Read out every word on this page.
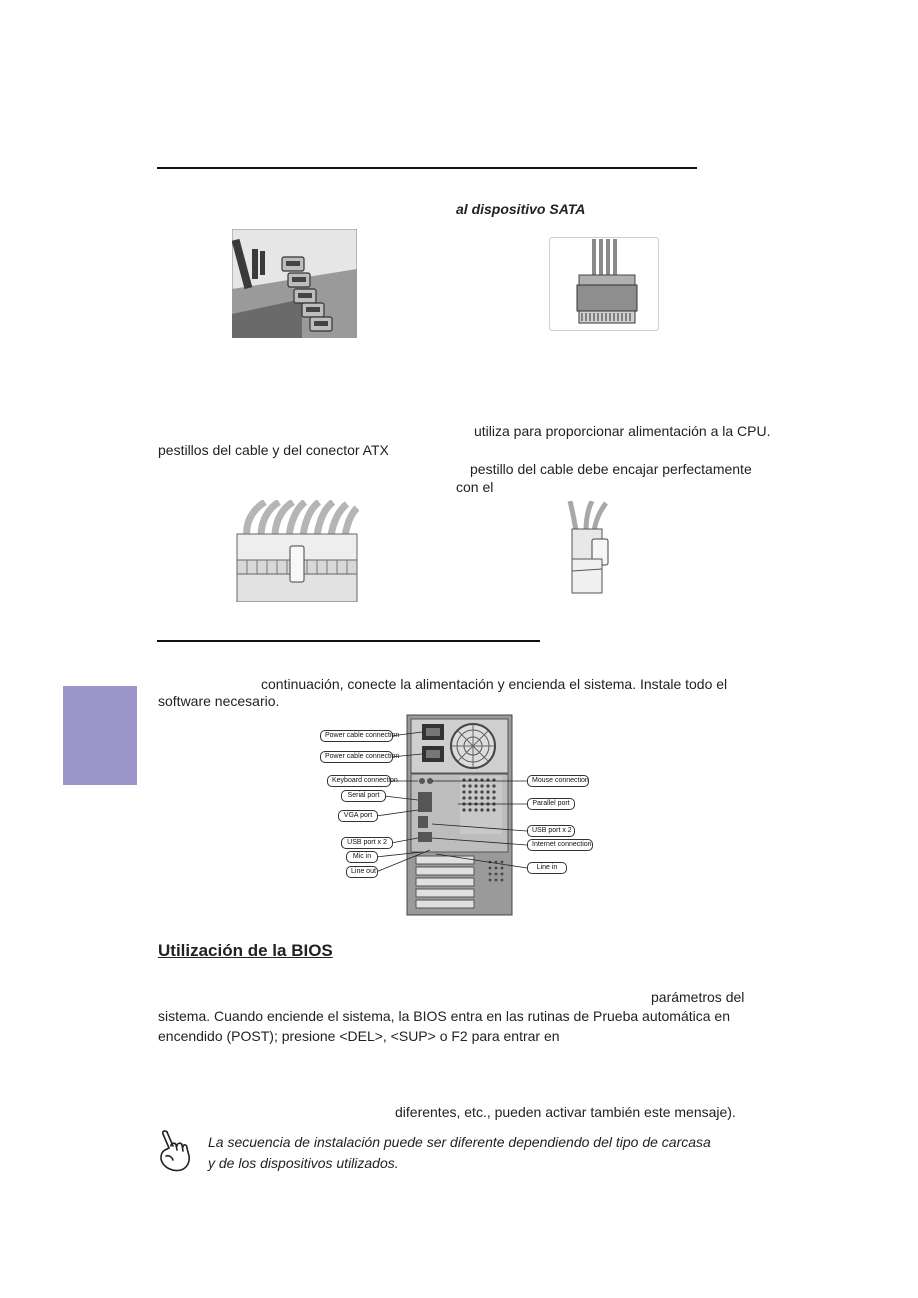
al dispositivo SATA
utiliza para proporcionar alimentación a la CPU.
pestillos del cable y del conector ATX
pestillo del cable debe encajar perfectamente
con el
continuación, conecte la alimentación y encienda el sistema. Instale todo el
software necesario.
Power cable connection
Power cable connection
Keyboard connection
Serial port
VGA port
USB port x 2
Mic in
Line out
Mouse connection
Parallel port
USB port x 2
Internet connection
Line in
Utilización de la BIOS
parámetros del
sistema. Cuando enciende el sistema, la BIOS entra en las rutinas de Prueba automática en
encendido (POST); presione <DEL>, <SUP> o F2 para entrar en
diferentes, etc., pueden activar también este mensaje).
La secuencia de instalación puede ser diferente dependiendo del tipo de carcasa
y de los dispositivos utilizados.
